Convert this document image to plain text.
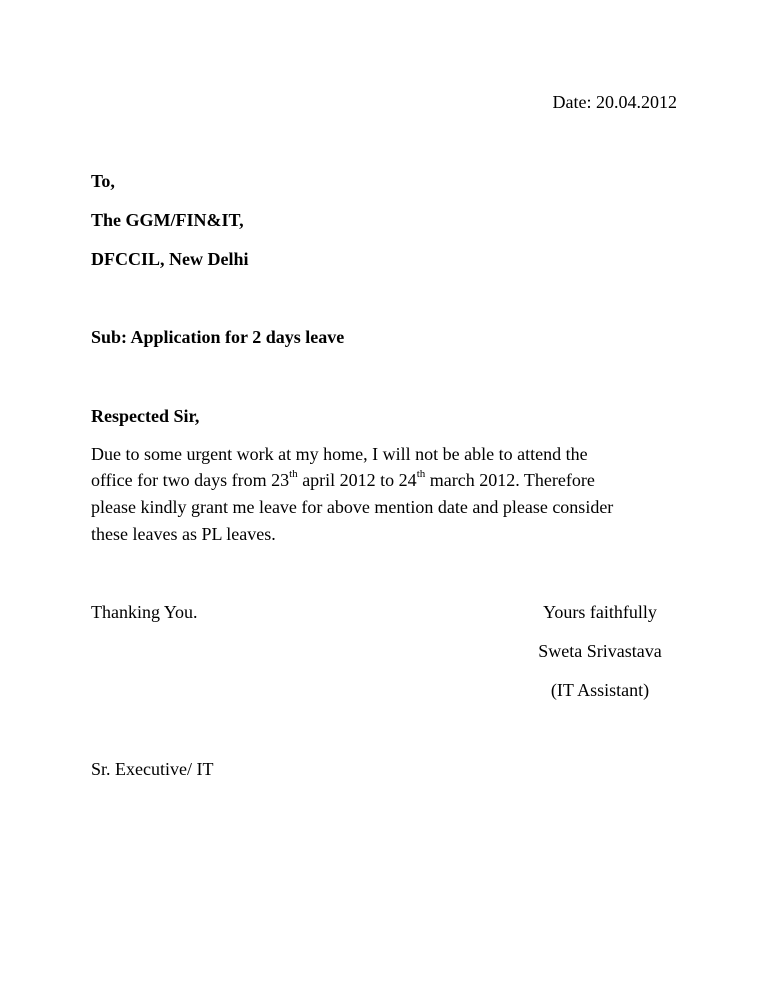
Date: 20.04.2012
To,
The GGM/FIN&IT,
DFCCIL, New Delhi
Sub: Application for 2 days leave
Respected Sir,
Due to some urgent work at my home, I will not be able to attend the
office for two days from 23th april 2012 to 24th march 2012. Therefore
please kindly grant me leave for above mention date and please consider
these leaves as PL leaves.
Thanking You.	Yours faithfully
Sweta Srivastava
(IT Assistant)
Sr. Executive/ IT
